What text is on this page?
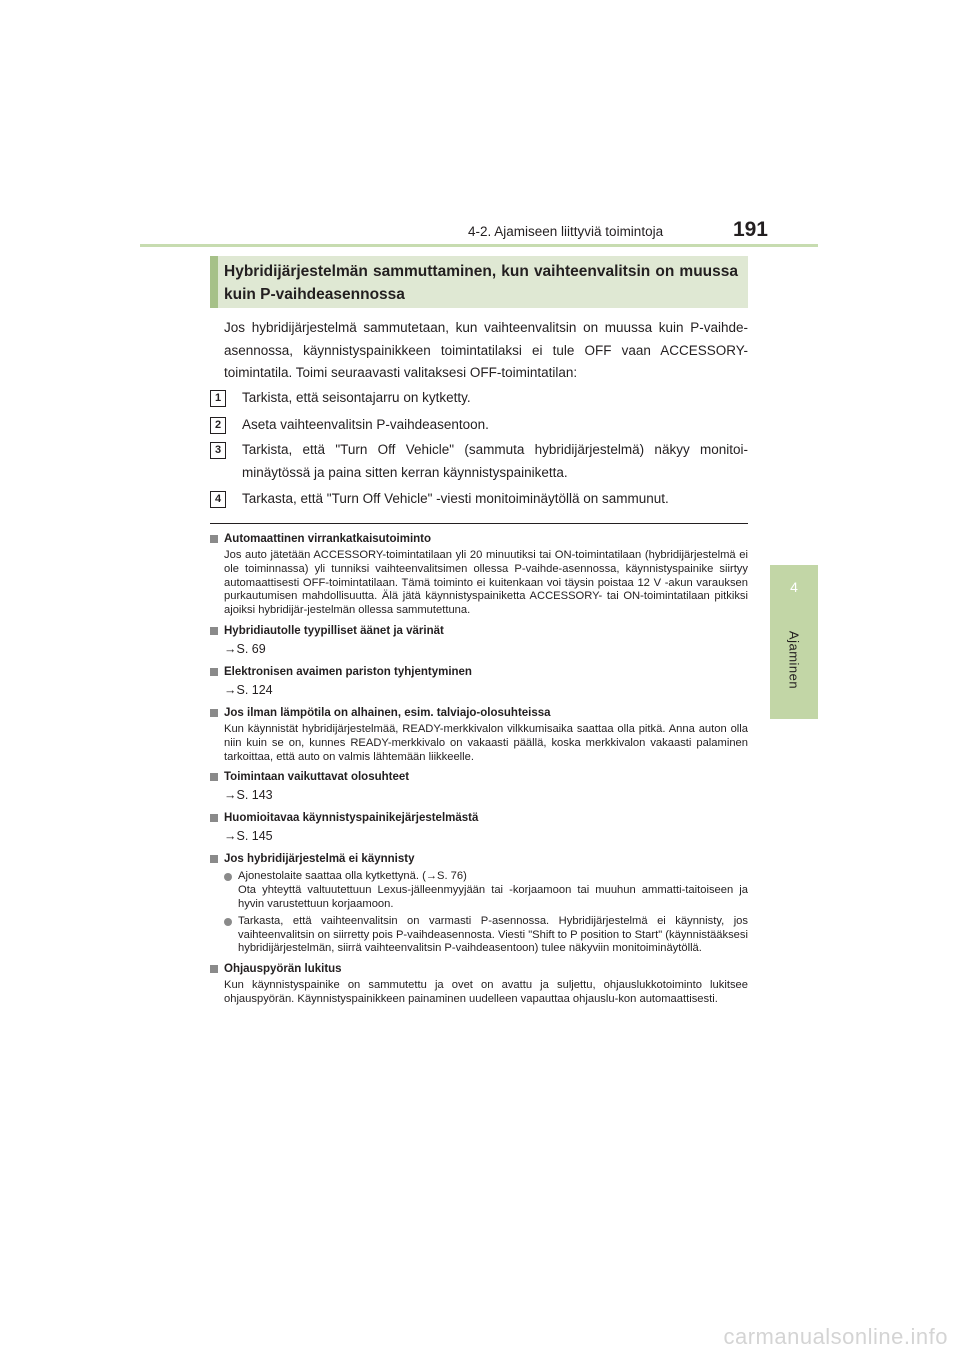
4-2. Ajamiseen liittyviä toimintoja	191
4
Ajaminen
Hybridijärjestelmän sammuttaminen, kun vaihteenvalitsin on muussa kuin P-vaihdeasennossa
Jos hybridijärjestelmä sammutetaan, kun vaihteenvalitsin on muussa kuin P-vaihde-asennossa, käynnistyspainikkeen toimintatilaksi ei tule OFF vaan ACCESSORY-toimintatila. Toimi seuraavasti valitaksesi OFF-toimintatilan:
1	Tarkista, että seisontajarru on kytketty.
2	Aseta vaihteenvalitsin P-vaihdeasentoon.
3	Tarkista, että "Turn Off Vehicle" (sammuta hybridijärjestelmä) näkyy monitoi-minäytössä ja paina sitten kerran käynnistyspainiketta.
4	Tarkasta, että "Turn Off Vehicle" -viesti monitoiminäytöllä on sammunut.
Automaattinen virrankatkaisutoiminto
Jos auto jätetään ACCESSORY-toimintatilaan yli 20 minuutiksi tai ON-toimintatilaan (hybridijärjestelmä ei ole toiminnassa) yli tunniksi vaihteenvalitsimen ollessa P-vaihde-asennossa, käynnistyspainike siirtyy automaattisesti OFF-toimintatilaan. Tämä toiminto ei kuitenkaan voi täysin poistaa 12 V -akun varauksen purkautumisen mahdollisuutta. Älä jätä käynnistyspainiketta ACCESSORY- tai ON-toimintatilaan pitkiksi ajoiksi hybridijär-jestelmän ollessa sammutettuna.
Hybridiautolle tyypilliset äänet ja värinät
→S. 69
Elektronisen avaimen pariston tyhjentyminen
→S. 124
Jos ilman lämpötila on alhainen, esim. talviajo-olosuhteissa
Kun käynnistät hybridijärjestelmää, READY-merkkivalon vilkkumisaika saattaa olla pitkä. Anna auton olla niin kuin se on, kunnes READY-merkkivalo on vakaasti päällä, koska merkkivalon vakaasti palaminen tarkoittaa, että auto on valmis lähtemään liikkeelle.
Toimintaan vaikuttavat olosuhteet
→S. 143
Huomioitavaa käynnistyspainikejärjestelmästä
→S. 145
Jos hybridijärjestelmä ei käynnisty
Ajonestolaite saattaa olla kytkettynä. (→S. 76)
Ota yhteyttä valtuutettuun Lexus-jälleenmyyjään tai -korjaamoon tai muuhun ammatti-taitoiseen ja hyvin varustettuun korjaamoon.
Tarkasta, että vaihteenvalitsin on varmasti P-asennossa. Hybridijärjestelmä ei käynnisty, jos vaihteenvalitsin on siirretty pois P-vaihdeasennosta. Viesti "Shift to P position to Start" (käynnistääksesi hybridijärjestelmän, siirrä vaihteenvalitsin P-vaihdeasentoon) tulee näkyviin monitoiminäytöllä.
Ohjauspyörän lukitus
Kun käynnistyspainike on sammutettu ja ovet on avattu ja suljettu, ohjauslukkotoiminto lukitsee ohjauspyörän. Käynnistyspainikkeen painaminen uudelleen vapauttaa ohjauslu-kon automaattisesti.
carmanualsonline.info
